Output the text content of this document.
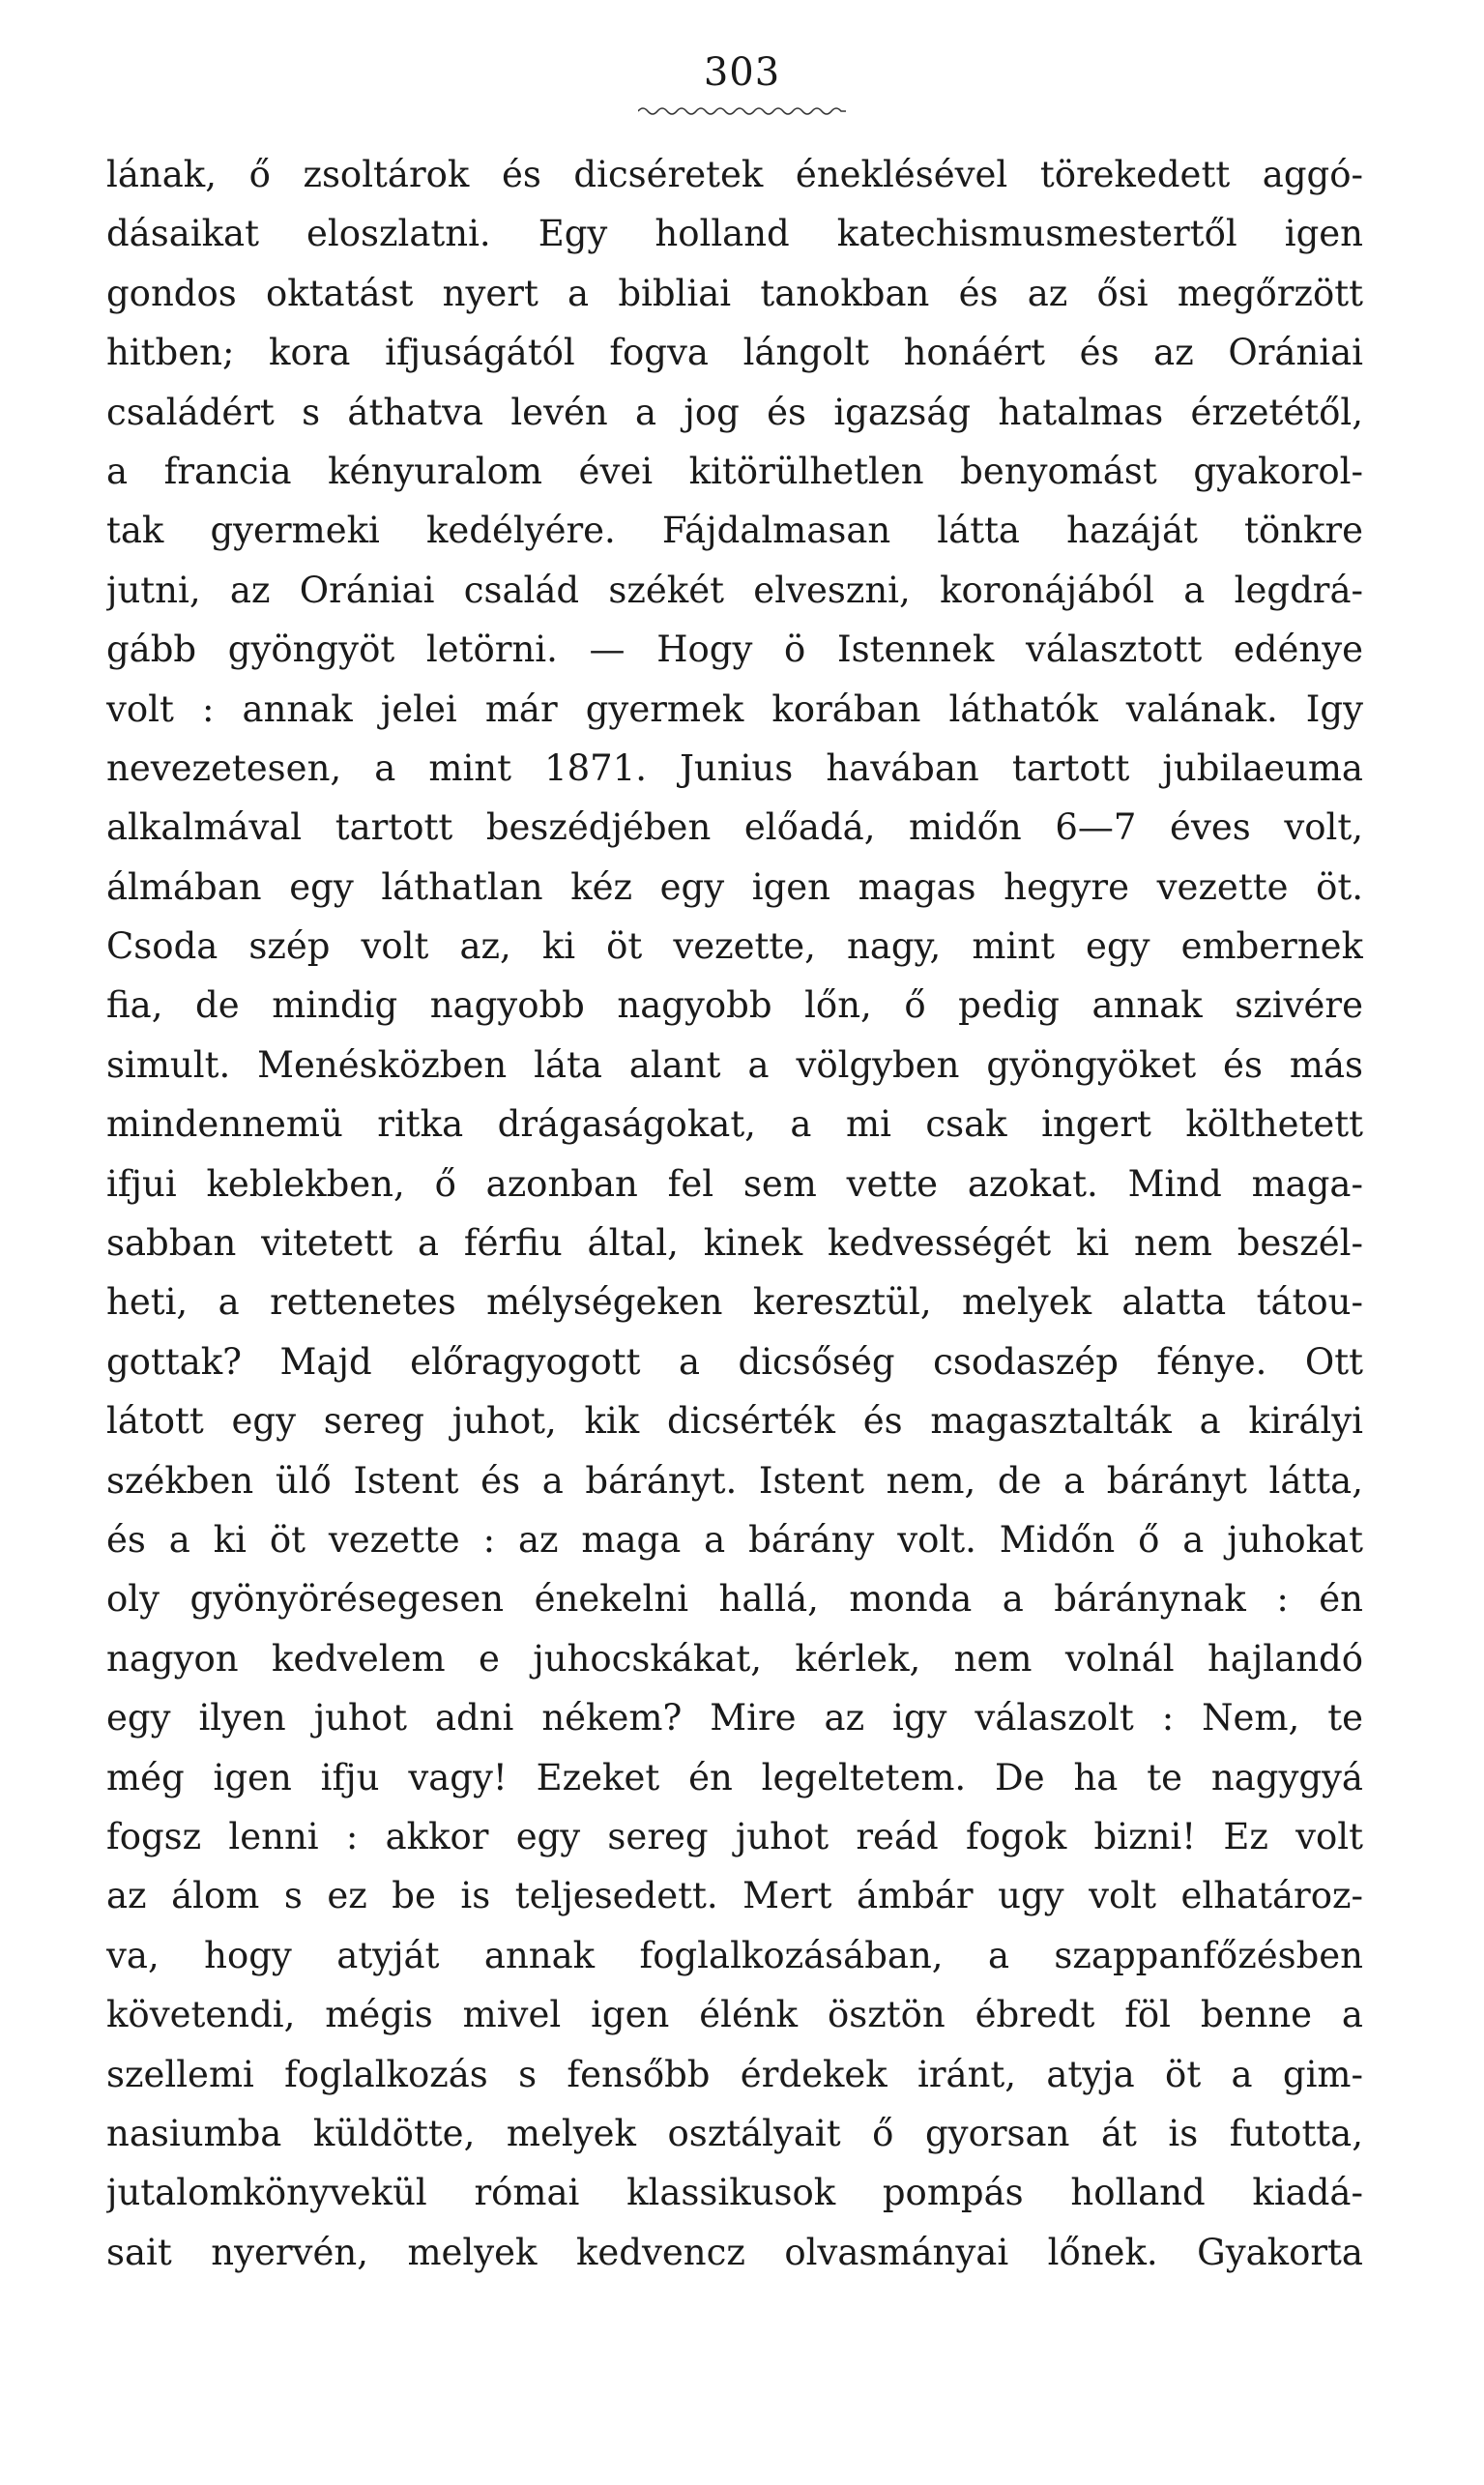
303
lának, ő zsoltárok és dicséretek éneklésével törekedett aggó-
dásaikat eloszlatni. Egy holland katechismusmestertől igen
gondos oktatást nyert a bibliai tanokban és az ősi megőrzött
hitben; kora ifjuságától fogva lángolt honáért és az Orániai
családért s áthatva levén a jog és igazság hatalmas érzetétől,
a francia kényuralom évei kitörülhetlen benyomást gyakorol-
tak gyermeki kedélyére. Fájdalmasan látta hazáját tönkre
jutni, az Orániai család székét elveszni, koronájából a legdrá-
gább gyöngyöt letörni. — Hogy ö Istennek választott edénye
volt : annak jelei már gyermek korában láthatók valának. Igy
nevezetesen, a mint 1871. Junius havában tartott jubilaeuma
alkalmával tartott beszédjében előadá, midőn 6—7 éves volt,
álmában egy láthatlan kéz egy igen magas hegyre vezette öt.
Csoda szép volt az, ki öt vezette, nagy, mint egy embernek
fia, de mindig nagyobb nagyobb lőn, ő pedig annak szivére
simult. Menésközben láta alant a völgyben gyöngyöket és más
mindennemü ritka drágaságokat, a mi csak ingert költhetett
ifjui keblekben, ő azonban fel sem vette azokat. Mind maga-
sabban vitetett a férfiu által, kinek kedvességét ki nem beszél-
heti, a rettenetes mélységeken keresztül, melyek alatta tátou-
gottak? Majd előragyogott a dicsőség csodaszép fénye. Ott
látott egy sereg juhot, kik dicsérték és magasztalták a királyi
székben ülő Istent és a bárányt. Istent nem, de a bárányt látta,
és a ki öt vezette : az maga a bárány volt. Midőn ő a juhokat
oly gyönyörésegesen énekelni hallá, monda a báránynak : én
nagyon kedvelem e juhocskákat, kérlek, nem volnál hajlandó
egy ilyen juhot adni nékem? Mire az igy válaszolt : Nem, te
még igen ifju vagy! Ezeket én legeltetem. De ha te nagygyá
fogsz lenni : akkor egy sereg juhot reád fogok bizni! Ez volt
az álom s ez be is teljesedett. Mert ámbár ugy volt elhatároz-
va, hogy atyját annak foglalkozásában, a szappanfőzésben
követendi, mégis mivel igen élénk ösztön ébredt föl benne a
szellemi foglalkozás s fensőbb érdekek iránt, atyja öt a gim-
nasiumba küldötte, melyek osztályait ő gyorsan át is futotta,
jutalomkönyvekül római klassikusok pompás holland kiadá-
sait nyervén, melyek kedvencz olvasmányai lőnek. Gyakorta
